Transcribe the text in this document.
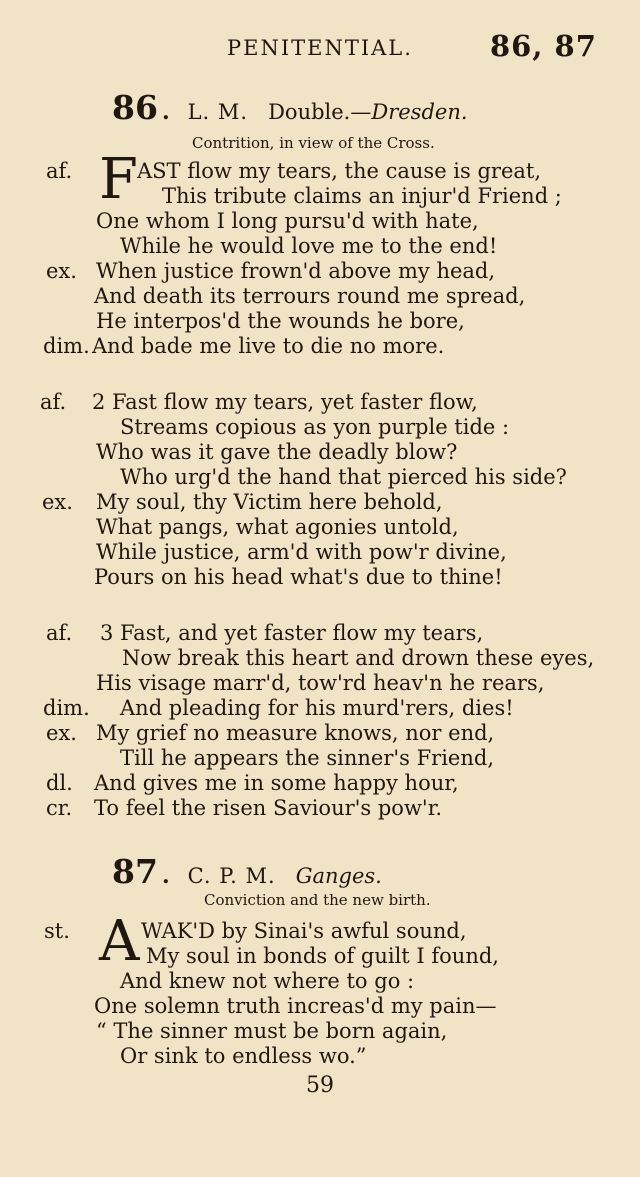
PENITENTIAL.	86, 87
86 . L. M. Double.—Dresden.
Contrition, in view of the Cross.
F
af.	AST flow my tears, the cause is great,
This tribute claims an injur'd Friend ;
One whom I long pursu'd with hate,
While he would love me to the end!
ex. When justice frown'd above my head,
And death its terrours round me spread,
He interpos'd the wounds he bore,
dim. And bade me live to die no more.
af. 2 Fast flow my tears, yet faster flow,
Streams copious as yon purple tide :
Who was it gave the deadly blow?
Who urg'd the hand that pierced his side?
ex. My soul, thy Victim here behold,
What pangs, what agonies untold,
While justice, arm'd with pow'r divine,
Pours on his head what's due to thine!
af. 3 Fast, and yet faster flow my tears,
Now break this heart and drown these eyes,
His visage marr'd, tow'rd heav'n he rears,
dim. And pleading for his murd'rers, dies!
ex. My grief no measure knows, nor end,
Till he appears the sinner's Friend,
dl. And gives me in some happy hour,
cr. To feel the risen Saviour's pow'r.
87 . C. P. M. Ganges.
Conviction and the new birth.
A
st.	WAK'D by Sinai's awful sound,
My soul in bonds of guilt I found,
And knew not where to go :
One solemn truth increas'd my pain—
“ The sinner must be born again,
Or sink to endless wo.”
59
